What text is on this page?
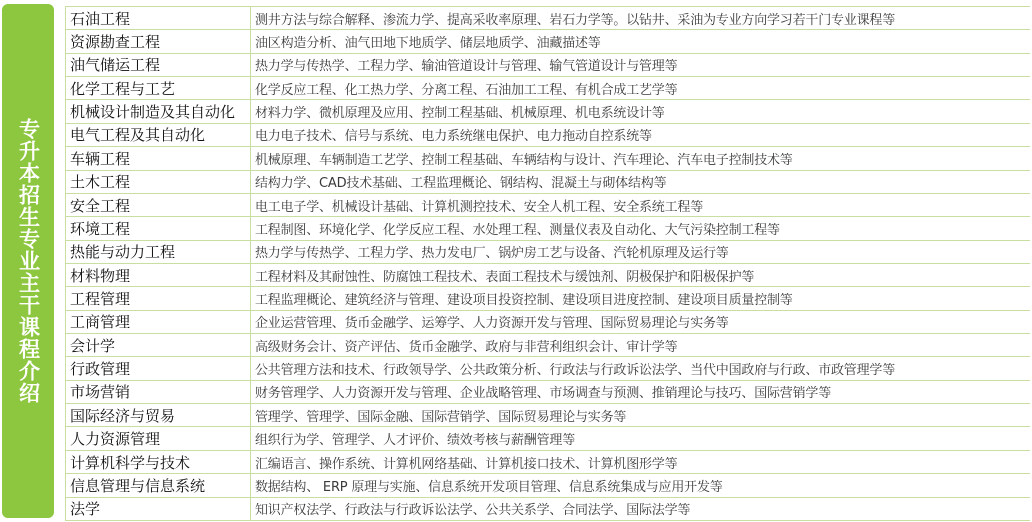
专升本招生专业主干课程介绍
石油工程	测井方法与综合解释、渗流力学、提高采收率原理、岩石力学等。以钻井、采油为专业方向学习若干门专业课程等
资源勘查工程	油区构造分析、油气田地下地质学、储层地质学、油藏描述等
油气储运工程	热力学与传热学、工程力学、输油管道设计与管理、输气管道设计与管理等
化学工程与工艺	化学反应工程、化工热力学、分离工程、石油加工工程、有机合成工艺学等
机械设计制造及其自动化	材料力学、微机原理及应用、控制工程基础、机械原理、机电系统设计等
电气工程及其自动化	电力电子技术、信号与系统、电力系统继电保护、电力拖动自控系统等
车辆工程	机械原理、车辆制造工艺学、控制工程基础、车辆结构与设计、汽车理论、汽车电子控制技术等
土木工程	结构力学、CAD技术基础、工程监理概论、钢结构、混凝土与砌体结构等
安全工程	电工电子学、机械设计基础、计算机测控技术、安全人机工程、安全系统工程等
环境工程	工程制图、环境化学、化学反应工程、水处理工程、测量仪表及自动化、大气污染控制工程等
热能与动力工程	热力学与传热学、工程力学、热力发电厂、锅炉房工艺与设备、汽轮机原理及运行等
材料物理	工程材料及其耐蚀性、防腐蚀工程技术、表面工程技术与缓蚀剂、阴极保护和阳极保护等
工程管理	工程监理概论、建筑经济与管理、建设项目投资控制、建设项目进度控制、建设项目质量控制等
工商管理	企业运营管理、货币金融学、运筹学、人力资源开发与管理、国际贸易理论与实务等
会计学	高级财务会计、资产评估、货币金融学、政府与非营利组织会计、审计学等
行政管理	公共管理方法和技术、行政领导学、公共政策分析、行政法与行政诉讼法学、当代中国政府与行政、市政管理学等
市场营销	财务管理学、人力资源开发与管理、企业战略管理、市场调查与预测、推销理论与技巧、国际营销学等
国际经济与贸易	管理学、管理学、国际金融、国际营销学、国际贸易理论与实务等
人力资源管理	组织行为学、管理学、人才评价、绩效考核与薪酬管理等
计算机科学与技术	汇编语言、操作系统、计算机网络基础、计算机接口技术、计算机图形学等
信息管理与信息系统	数据结构、 ERP 原理与实施、信息系统开发项目管理、信息系统集成与应用开发等
法学	知识产权法学、行政法与行政诉讼法学、公共关系学、合同法学、国际法学等
